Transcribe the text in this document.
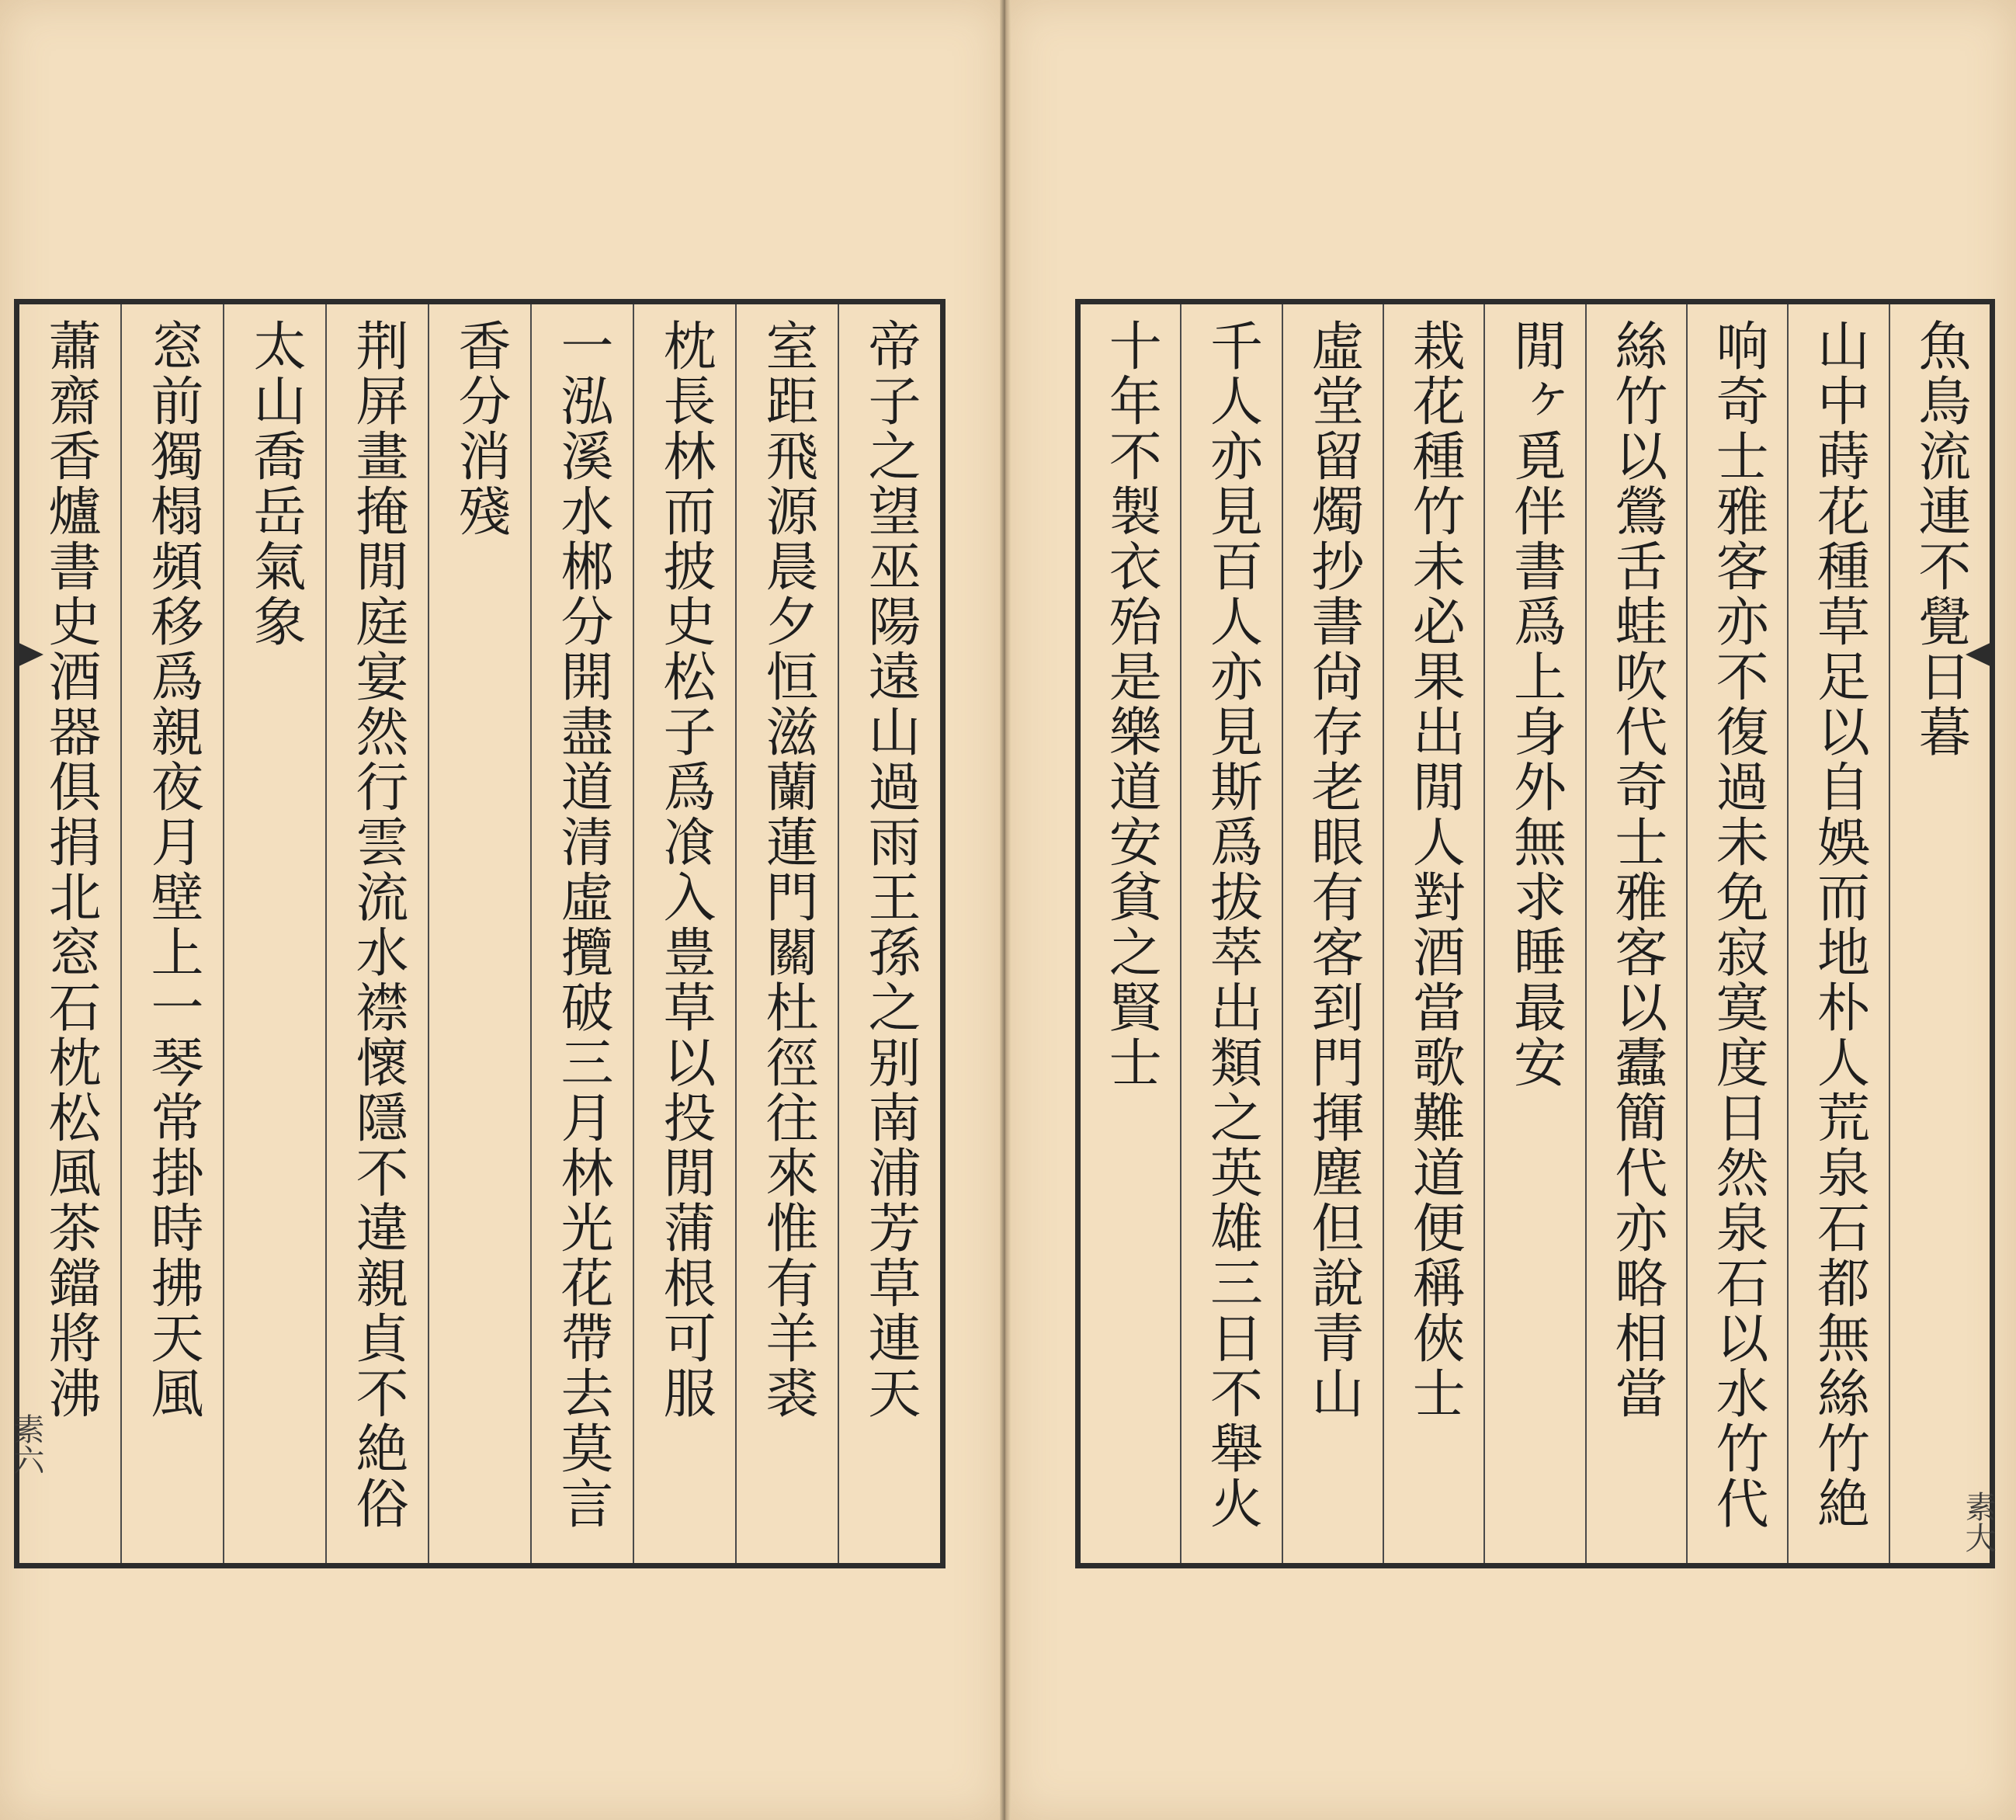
帝子之望巫陽遠山過雨王孫之别南浦芳草連天
室距飛源晨夕恒滋蘭蓮門關杜徑往來惟有羊裘
枕長林而披史松子爲飡入豊草以投閒蒲根可服
一泓溪水郴分開盡道清虛攬破三月林光花帶去莫言
香分消殘
荆屏畫掩閒庭宴然行雲流水襟懷隱不違親貞不絶俗
太山喬岳氣象
窓前獨榻頻移爲親夜月壁上一琴常掛時拂天風
蕭齋香爐書史酒器俱捐北窓石枕松風茶鐺將沸	魚鳥流連不覺日暮
山中蒔花種草足以自娛而地朴人荒泉石都無絲竹絶
响奇士雅客亦不復過未免寂寞度日然泉石以水竹代
絲竹以鶯舌蛙吹代奇士雅客以蠹簡代亦略相當
閒ヶ覓伴書爲上身外無求睡最安
栽花種竹未必果出閒人對酒當歌難道便稱俠士
虛堂留燭抄書尙存老眼有客到門揮塵但說青山
千人亦見百人亦見斯爲拔萃出類之英雄三日不舉火
十年不製衣殆是樂道安貧之賢士
素六
素大
